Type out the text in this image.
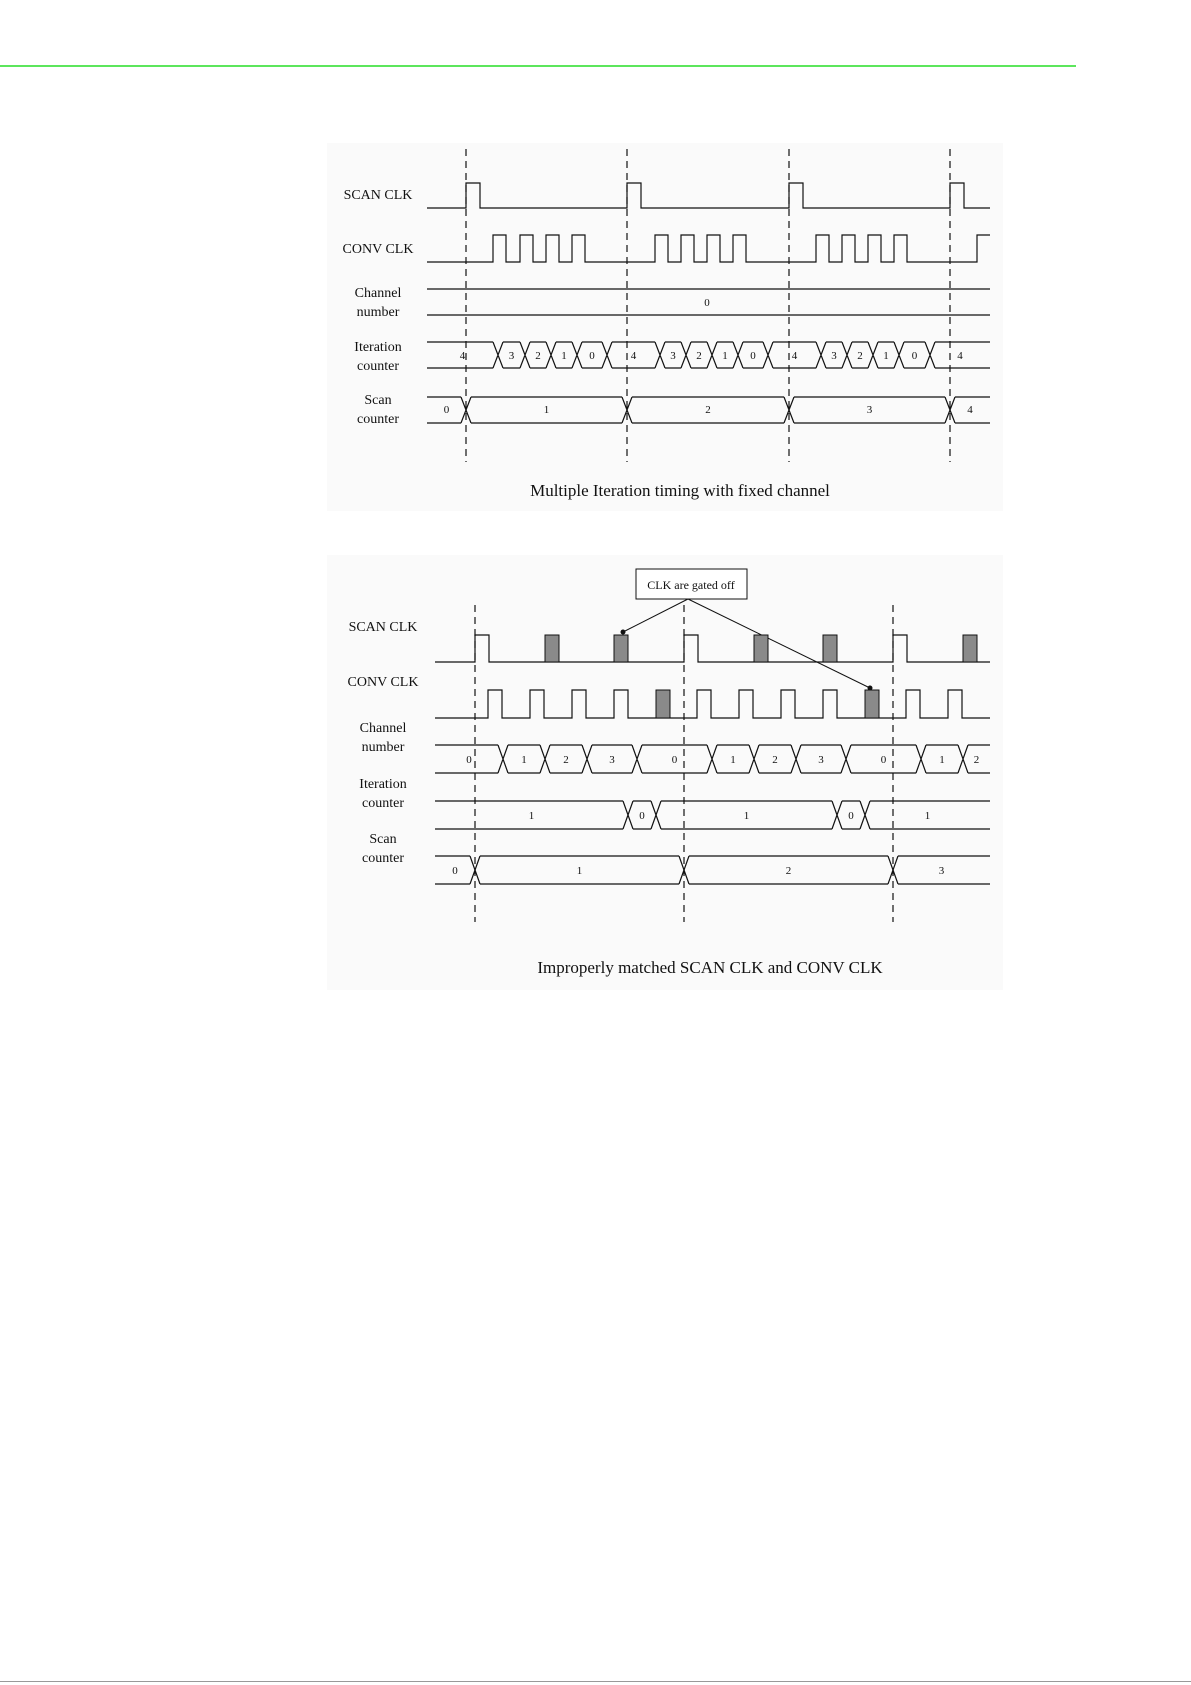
SCAN CLK
CONV CLK
Channel
number
Iteration
counter
Scan
counter
0
4	3 2 1 0	4	3 2 1 0	4	3 2 1 0	4
0	1	2	3	4
Multiple Iteration timing with fixed channel
CLK are gated off
SCAN CLK
CONV CLK
Channel
number
Iteration
counter
Scan
counter
0	1	2	3	0	1	2	3	0	1	2
1	0	1	0	1
0	1	2	3
Improperly matched SCAN CLK and CONV CLK
